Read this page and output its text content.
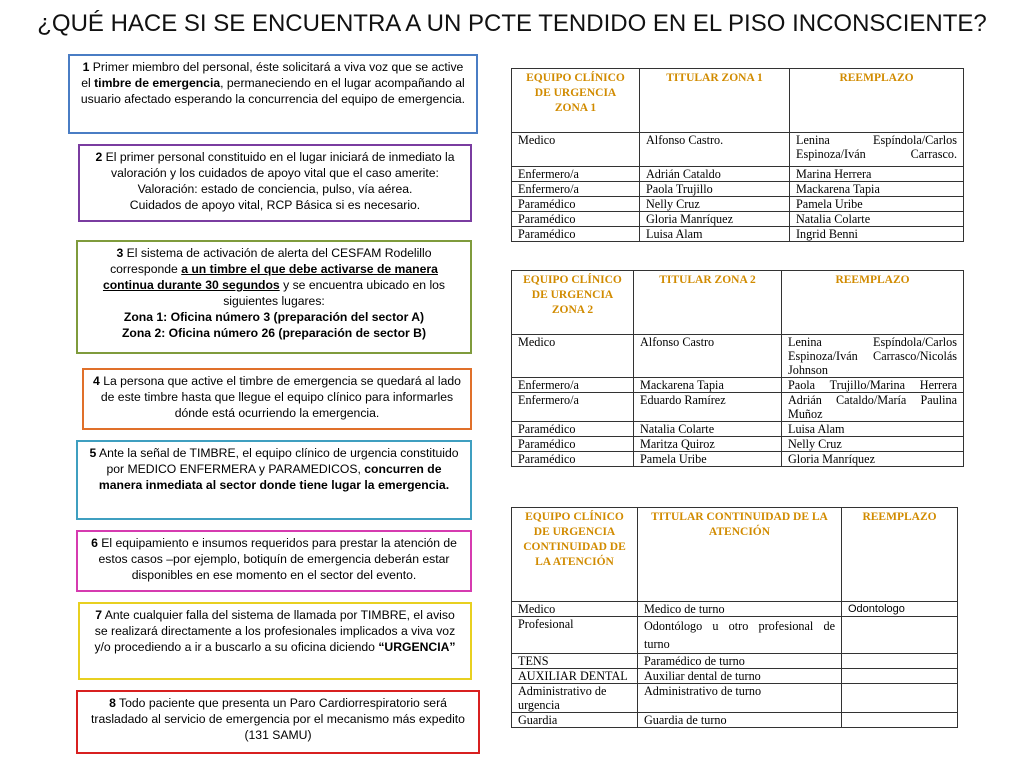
¿QUÉ HACE SI SE ENCUENTRA A UN PCTE TENDIDO EN EL PISO INCONSCIENTE?
1 Primer miembro del personal, éste solicitará a viva voz que se active el timbre de emergencia, permaneciendo en el lugar acompañando al usuario afectado esperando la concurrencia del equipo de emergencia.
2 El primer personal constituido en el lugar iniciará de inmediato la valoración y los cuidados de apoyo vital que el caso amerite:
Valoración: estado de conciencia, pulso, vía aérea.
Cuidados de apoyo vital, RCP Básica si es necesario.
3 El sistema de activación de alerta del CESFAM Rodelillo corresponde a un timbre el que debe activarse de manera continua durante 30 segundos y se encuentra ubicado en los siguientes lugares:
Zona 1: Oficina número 3 (preparación del sector A)
Zona 2: Oficina número 26 (preparación de sector B)
4 La persona que active el timbre de emergencia se quedará al lado de este timbre hasta que llegue el equipo clínico para informarles dónde está ocurriendo la emergencia.
5 Ante la señal de TIMBRE, el equipo clínico de urgencia constituido por MEDICO ENFERMERA y PARAMEDICOS, concurren de manera inmediata al sector donde tiene lugar la emergencia.
6 El equipamiento e insumos requeridos para prestar la atención de estos casos –por ejemplo, botiquín de emergencia deberán estar disponibles en ese momento en el sector del evento.
7 Ante cualquier falla del sistema de llamada por TIMBRE, el aviso se realizará directamente a los profesionales implicados a viva voz y/o procediendo a ir a buscarlo a su oficina diciendo “URGENCIA”
8 Todo paciente que presenta un Paro Cardiorrespiratorio será trasladado al servicio de emergencia por el mecanismo más expedito (131 SAMU)
EQUIPO CLÍNICO DE URGENCIA ZONA 1	TITULAR ZONA 1	REEMPLAZO
Medico	Alfonso Castro.	Lenina Espíndola/Carlos Espinoza/Iván Carrasco.
Enfermero/a	Adrián Cataldo	Marina Herrera
Enfermero/a	Paola Trujillo	Mackarena Tapia
Paramédico	Nelly Cruz	Pamela Uribe
Paramédico	Gloria Manríquez	Natalia Colarte
Paramédico	Luisa Alam	Ingrid Benni
EQUIPO CLÍNICO DE URGENCIA ZONA 2	TITULAR ZONA 2	REEMPLAZO
Medico	Alfonso Castro	Lenina Espíndola/Carlos Espinoza/Iván Carrasco/Nicolás Johnson
Enfermero/a	Mackarena Tapia	Paola Trujillo/Marina Herrera
Enfermero/a	Eduardo Ramírez	Adrián Cataldo/María Paulina Muñoz
Paramédico	Natalia Colarte	Luisa Alam
Paramédico	Maritza Quiroz	Nelly Cruz
Paramédico	Pamela Uribe	Gloria Manríquez
EQUIPO CLÍNICO DE URGENCIA CONTINUIDAD DE LA ATENCIÓN	TITULAR CONTINUIDAD DE LA ATENCIÓN	REEMPLAZO
Medico	Medico de turno	Odontologo
Profesional	Odontólogo u otro profesional de turno	
TENS	Paramédico de turno	
AUXILIAR DENTAL	Auxiliar dental de turno	
Administrativo de urgencia	Administrativo de turno	
Guardia	Guardia de turno	
